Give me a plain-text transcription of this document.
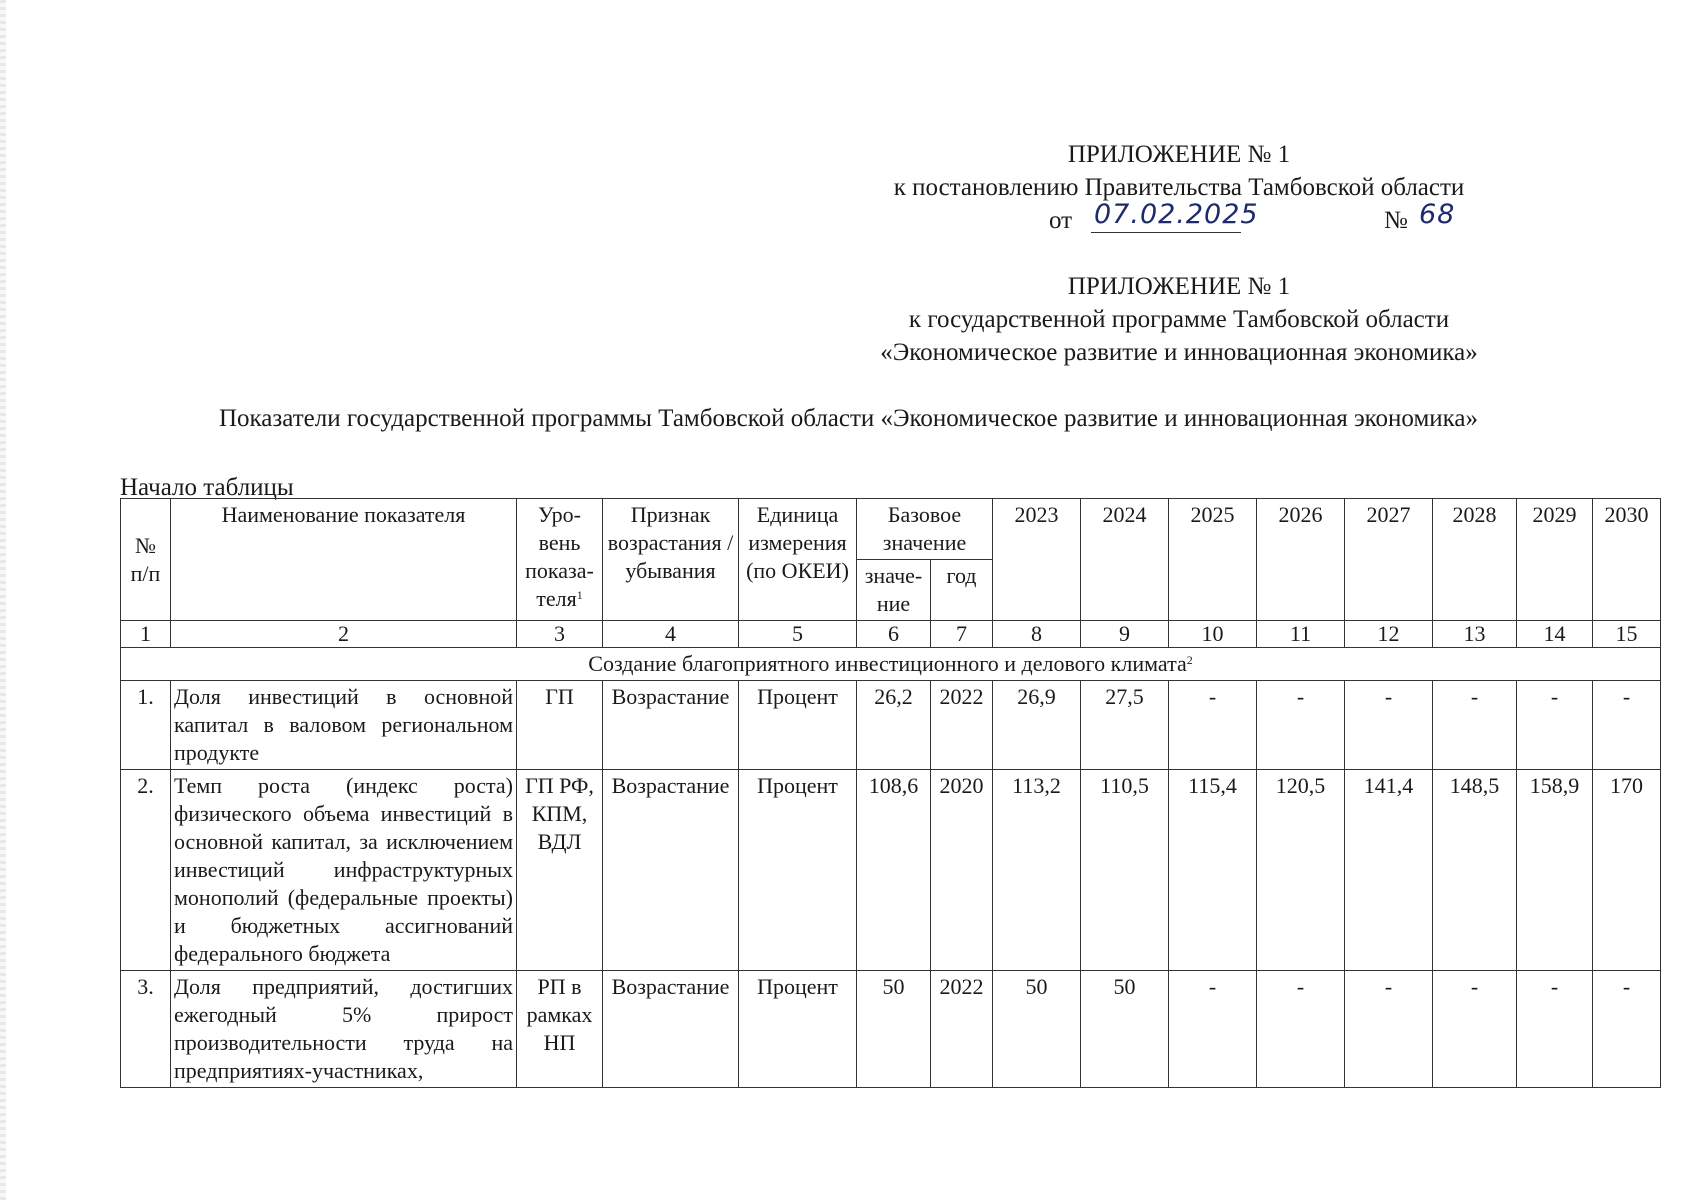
ПРИЛОЖЕНИЕ № 1
к постановлению Правительства Тамбовской области
от 07.02.2025	№ 68
ПРИЛОЖЕНИЕ № 1
к государственной программе Тамбовской области
«Экономическое развитие и инновационная экономика»
Показатели государственной программы Тамбовской области «Экономическое развитие и инновационная экономика»
Начало таблицы
№ п/п	Наименование показателя	Уро-вень показа-теля$^1$	Признак возрастания / убывания	Единица измерения (по ОКЕИ)	Базовое значение		2023	2024	2025	2026	2027	2028	2029	2030
					значе-ние	год								
1	2	3	4	5	6	7	8	9	10	11	12	13	14	15
Создание благоприятного инвестиционного и делового климата$^2$
1.	Доля инвестиций в основной капитал в валовом региональном продукте	ГП	Возрастание	Процент	26,2	2022	26,9	27,5	-	-	-	-	-	-
2.	Темп роста (индекс роста) физического объема инвестиций в основной капитал, за исключением инвестиций инфраструктурных монополий (федеральные проекты) и бюджетных ассигнований федерального бюджета	ГП РФ, КПМ, ВДЛ	Возрастание	Процент	108,6	2020	113,2	110,5	115,4	120,5	141,4	148,5	158,9	170
3.	Доля предприятий, достигших ежегодный 5% прирост производительности труда на предприятиях-участниках,	РП в рамках НП	Возрастание	Процент	50	2022	50	50	-	-	-	-	-	-
